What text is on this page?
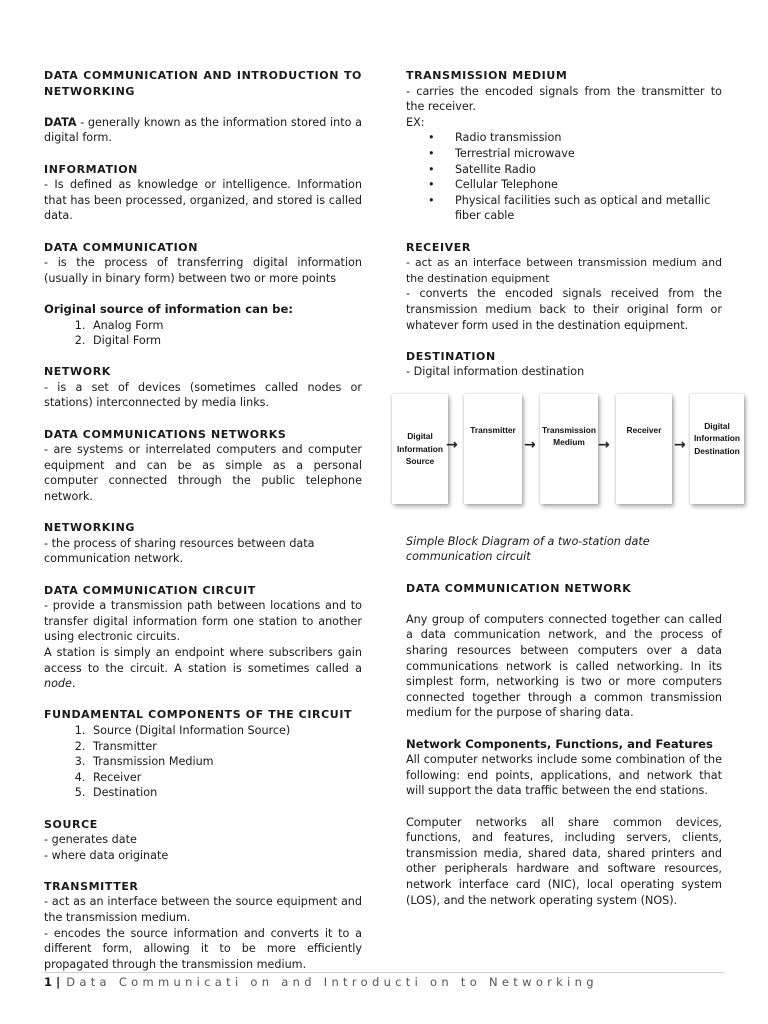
DATA COMMUNICATION AND INTRODUCTION TO NETWORKING

DATA - generally known as the information stored into a digital form.

INFORMATION

- Is defined as knowledge or intelligence. Information that has been processed, organized, and stored is called data.

DATA COMMUNICATION

- is the process of transferring digital information (usually in binary form) between two or more points

Original source of information can be:

1. Analog Form
2. Digital Form

NETWORK

- is a set of devices (sometimes called nodes or stations) interconnected by media links.

DATA COMMUNICATIONS NETWORKS

- are systems or interrelated computers and computer equipment and can be as simple as a personal computer connected through the public telephone network.

NETWORKING

- the process of sharing resources between data communication network.

DATA COMMUNICATION CIRCUIT

- provide a transmission path between locations and to transfer digital information form one station to another using electronic circuits.

A station is simply an endpoint where subscribers gain access to the circuit. A station is sometimes called a node.

FUNDAMENTAL COMPONENTS OF THE CIRCUIT

1. Source (Digital Information Source)
2. Transmitter
3. Transmission Medium
4. Receiver
5. Destination

SOURCE

- generates date

- where data originate

TRANSMITTER

- act as an interface between the source equipment and the transmission medium.

- encodes the source information and converts it to a different form, allowing it to be more efficiently propagated through the transmission medium.

TRANSMISSION MEDIUM

- carries the encoded signals from the transmitter to the receiver.

EX:

• Radio transmission
• Terrestrial microwave
• Satellite Radio
• Cellular Telephone
• Physical facilities such as optical and metallic fiber cable

RECEIVER

- act as an interface between transmission medium and the destination equipment

- converts the encoded signals received from the transmission medium back to their original form or whatever form used in the destination equipment.

DESTINATION

- Digital information destination

Digital Information Source
→
Transmitter
→
Transmission Medium →
Receiver
→
Digital Information Destination

Simple Block Diagram of a two-station date communication circuit

DATA COMMUNICATION NETWORK

Any group of computers connected together can called a data communication network, and the process of sharing resources between computers over a data communications network is called networking. In its simplest form, networking is two or more computers connected together through a common transmission medium for the purpose of sharing data.

Network Components, Functions, and Features

All computer networks include some combination of the following: end points, applications, and network that will support the data traffic between the end stations.

Computer networks all share common devices, functions, and features, including servers, clients, transmission media, shared data, shared printers and other peripherals hardware and software resources, network interface card (NIC), local operating system (LOS), and the network operating system (NOS).

1 | Data Communicati on and Introducti on to Networking
